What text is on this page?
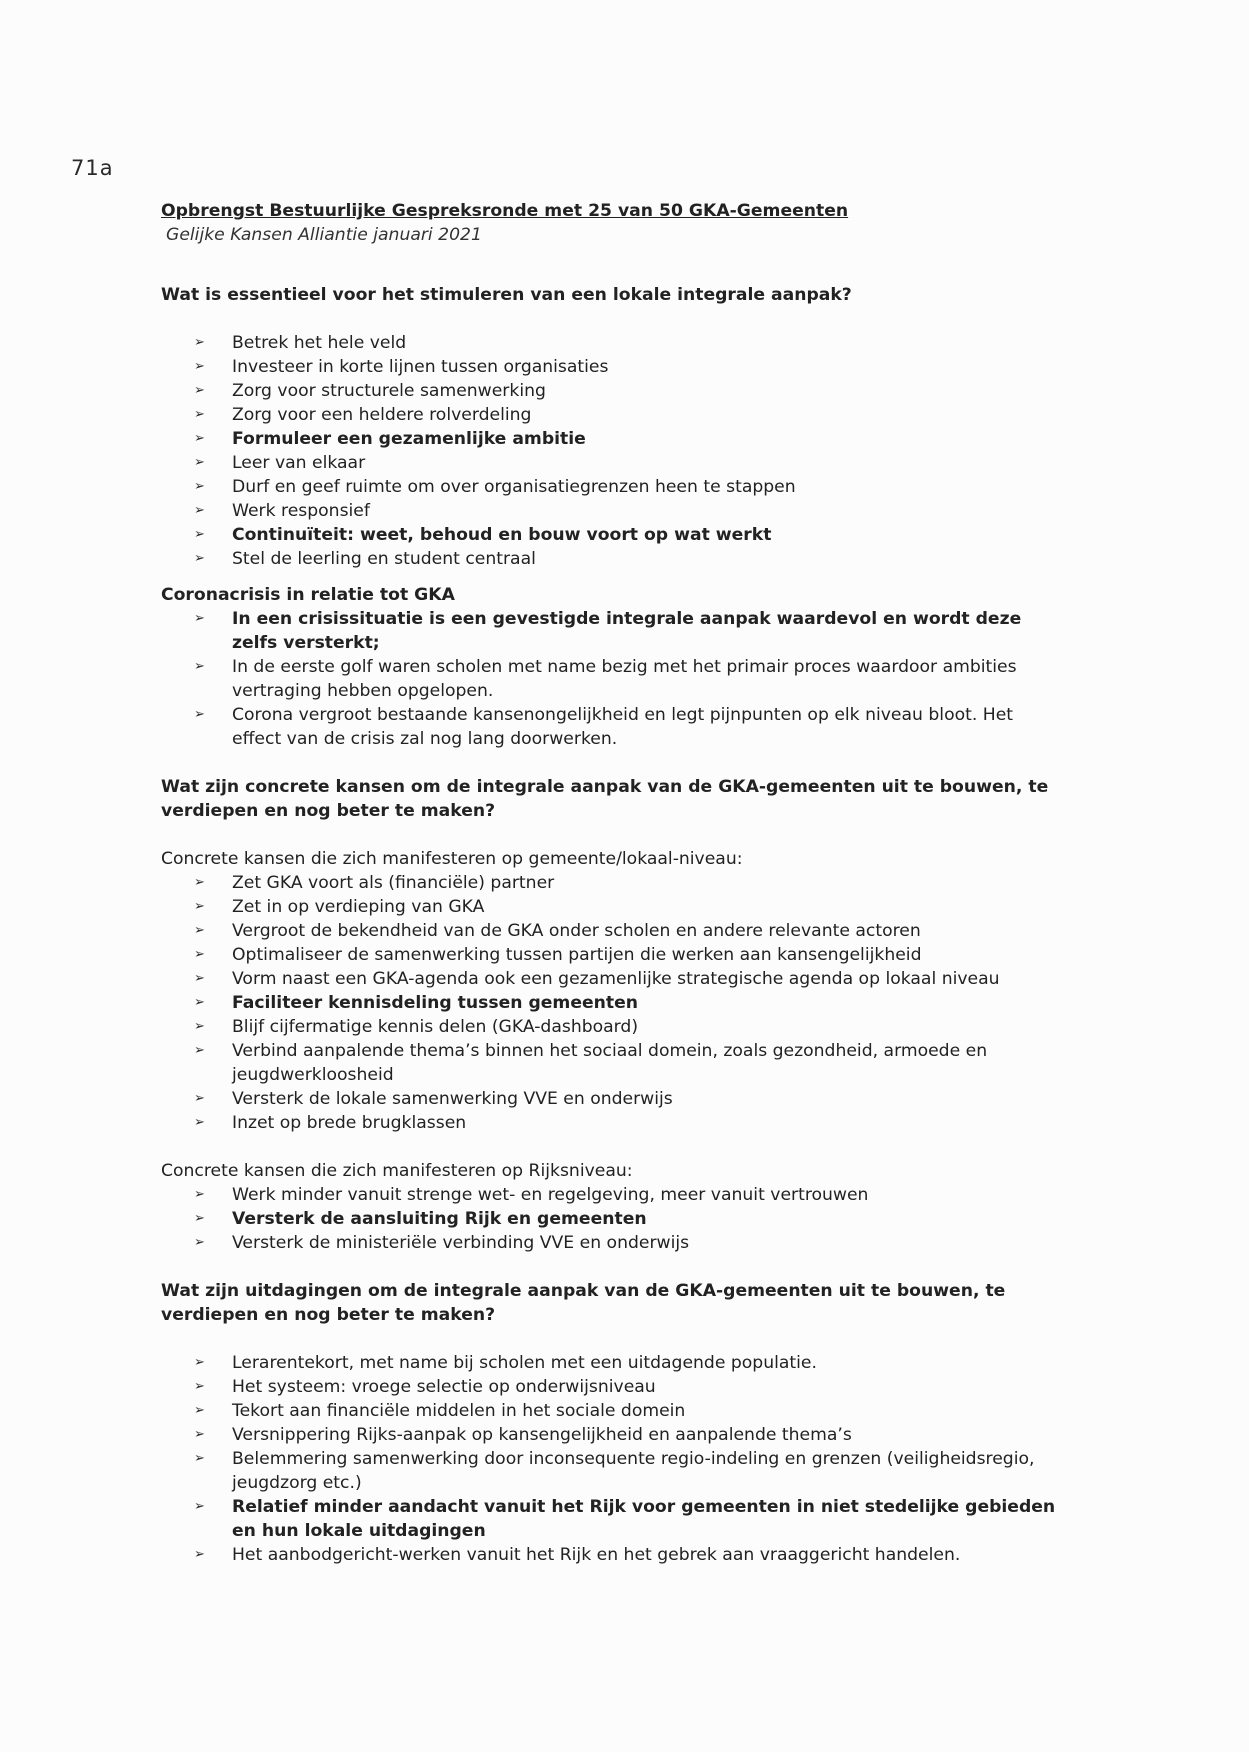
71a
Opbrengst Bestuurlijke Gespreksronde met 25 van 50 GKA-Gemeenten
Gelijke Kansen Alliantie januari 2021
Wat is essentieel voor het stimuleren van een lokale integrale aanpak?
➢ Betrek het hele veld
➢ Investeer in korte lijnen tussen organisaties
➢ Zorg voor structurele samenwerking
➢ Zorg voor een heldere rolverdeling
➢ Formuleer een gezamenlijke ambitie
➢ Leer van elkaar
➢ Durf en geef ruimte om over organisatiegrenzen heen te stappen
➢ Werk responsief
➢ Continuïteit: weet, behoud en bouw voort op wat werkt
➢ Stel de leerling en student centraal
Coronacrisis in relatie tot GKA
➢ In een crisissituatie is een gevestigde integrale aanpak waardevol en wordt deze zelfs versterkt;
➢ In de eerste golf waren scholen met name bezig met het primair proces waardoor ambities vertraging hebben opgelopen.
➢ Corona vergroot bestaande kansenongelijkheid en legt pijnpunten op elk niveau bloot. Het effect van de crisis zal nog lang doorwerken.
Wat zijn concrete kansen om de integrale aanpak van de GKA-gemeenten uit te bouwen, te verdiepen en nog beter te maken?
Concrete kansen die zich manifesteren op gemeente/lokaal-niveau:
➢ Zet GKA voort als (financiële) partner
➢ Zet in op verdieping van GKA
➢ Vergroot de bekendheid van de GKA onder scholen en andere relevante actoren
➢ Optimaliseer de samenwerking tussen partijen die werken aan kansengelijkheid
➢ Vorm naast een GKA-agenda ook een gezamenlijke strategische agenda op lokaal niveau
➢ Faciliteer kennisdeling tussen gemeenten
➢ Blijf cijfermatige kennis delen (GKA-dashboard)
➢ Verbind aanpalende thema’s binnen het sociaal domein, zoals gezondheid, armoede en jeugdwerkloosheid
➢ Versterk de lokale samenwerking VVE en onderwijs
➢ Inzet op brede brugklassen
Concrete kansen die zich manifesteren op Rijksniveau:
➢ Werk minder vanuit strenge wet- en regelgeving, meer vanuit vertrouwen
➢ Versterk de aansluiting Rijk en gemeenten
➢ Versterk de ministeriële verbinding VVE en onderwijs
Wat zijn uitdagingen om de integrale aanpak van de GKA-gemeenten uit te bouwen, te verdiepen en nog beter te maken?
➢ Lerarentekort, met name bij scholen met een uitdagende populatie.
➢ Het systeem: vroege selectie op onderwijsniveau
➢ Tekort aan financiële middelen in het sociale domein
➢ Versnippering Rijks-aanpak op kansengelijkheid en aanpalende thema’s
➢ Belemmering samenwerking door inconsequente regio-indeling en grenzen (veiligheidsregio, jeugdzorg etc.)
➢ Relatief minder aandacht vanuit het Rijk voor gemeenten in niet stedelijke gebieden en hun lokale uitdagingen
➢ Het aanbodgericht-werken vanuit het Rijk en het gebrek aan vraaggericht handelen.
